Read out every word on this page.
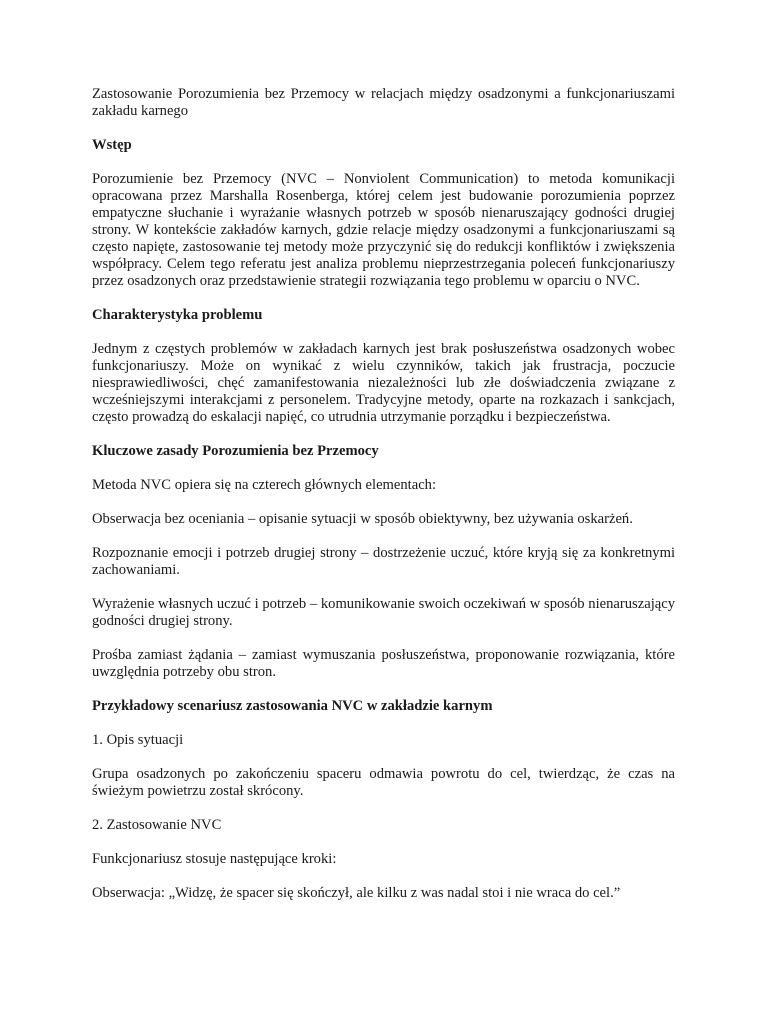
Zastosowanie Porozumienia bez Przemocy w relacjach między osadzonymi a funkcjonariuszami zakładu karnego

Wstęp

Porozumienie bez Przemocy (NVC – Nonviolent Communication) to metoda komunikacji opracowana przez Marshalla Rosenberga, której celem jest budowanie porozumienia poprzez empatyczne słuchanie i wyrażanie własnych potrzeb w sposób nienaruszający godności drugiej strony. W kontekście zakładów karnych, gdzie relacje między osadzonymi a funkcjonariuszami są często napięte, zastosowanie tej metody może przyczynić się do redukcji konfliktów i zwiększenia współpracy. Celem tego referatu jest analiza problemu nieprzestrzegania poleceń funkcjonariuszy przez osadzonych oraz przedstawienie strategii rozwiązania tego problemu w oparciu o NVC.

Charakterystyka problemu

Jednym z częstych problemów w zakładach karnych jest brak posłuszeństwa osadzonych wobec funkcjonariuszy. Może on wynikać z wielu czynników, takich jak frustracja, poczucie niesprawiedliwości, chęć zamanifestowania niezależności lub złe doświadczenia związane z wcześniejszymi interakcjami z personelem. Tradycyjne metody, oparte na rozkazach i sankcjach, często prowadzą do eskalacji napięć, co utrudnia utrzymanie porządku i bezpieczeństwa.

Kluczowe zasady Porozumienia bez Przemocy

Metoda NVC opiera się na czterech głównych elementach:

Obserwacja bez oceniania – opisanie sytuacji w sposób obiektywny, bez używania oskarżeń.

Rozpoznanie emocji i potrzeb drugiej strony – dostrzeżenie uczuć, które kryją się za konkretnymi zachowaniami.

Wyrażenie własnych uczuć i potrzeb – komunikowanie swoich oczekiwań w sposób nienaruszający godności drugiej strony.

Prośba zamiast żądania – zamiast wymuszania posłuszeństwa, proponowanie rozwiązania, które uwzględnia potrzeby obu stron.

Przykładowy scenariusz zastosowania NVC w zakładzie karnym

1. Opis sytuacji

Grupa osadzonych po zakończeniu spaceru odmawia powrotu do cel, twierdząc, że czas na świeżym powietrzu został skrócony.

2. Zastosowanie NVC

Funkcjonariusz stosuje następujące kroki:

Obserwacja: „Widzę, że spacer się skończył, ale kilku z was nadal stoi i nie wraca do cel.”
